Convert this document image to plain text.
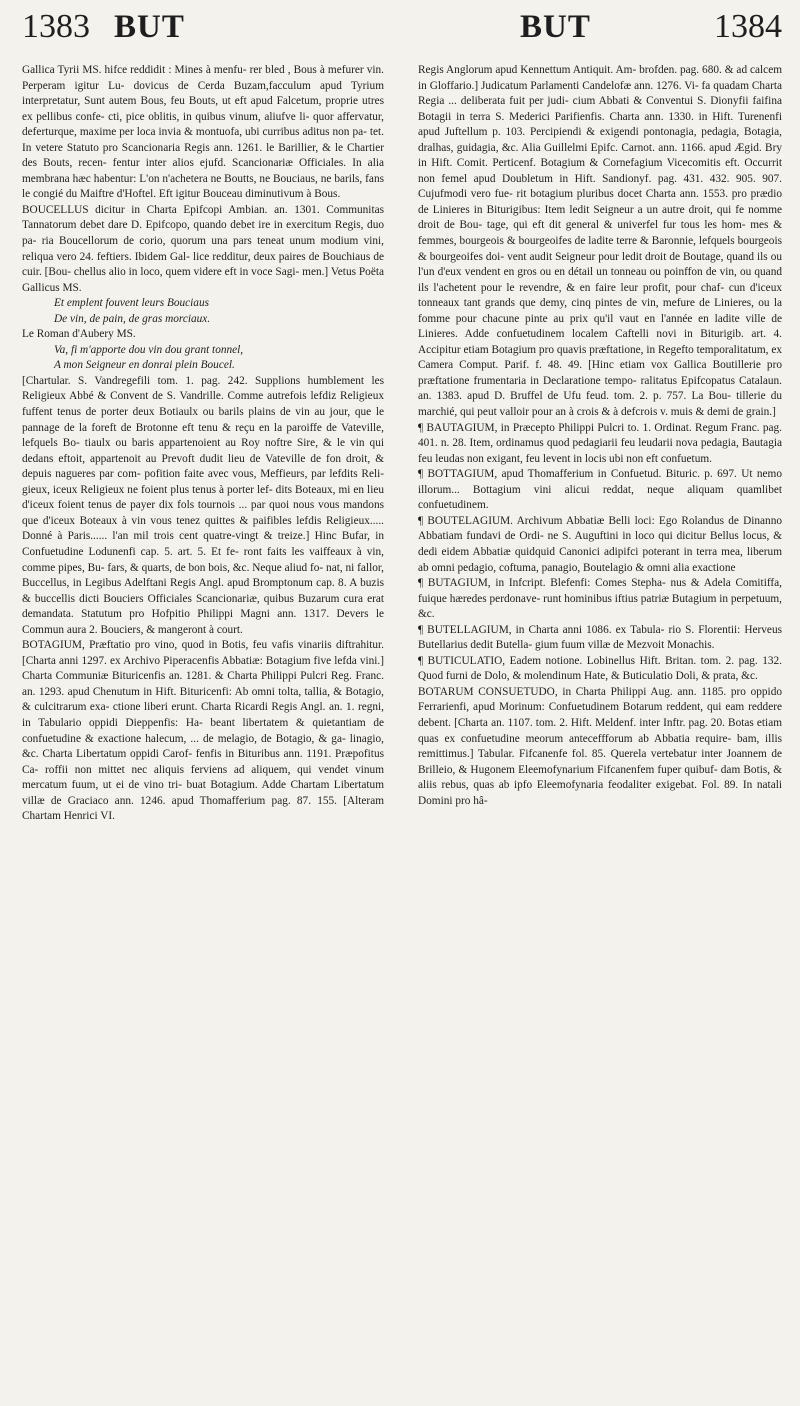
1383 BUT	BUT	1384

Gallica Tyrii MS. hifce reddidit : Mines à menfu- rer bled , Bous à mefurer vin. Perperam igitur Lu- dovicus de Cerda Buzam,facculum apud Tyrium interpretatur, Sunt autem Bous, feu Bouts, ut eft apud Falcetum, proprie utres ex pellibus confe- cti, pice oblitis, in quibus vinum, aliufve li- quor affervatur, deferturque, maxime per loca invia & montuofa, ubi curribus aditus non pa- tet. In vetere Statuto pro Scancionaria Regis ann. 1261. le Barillier, & le Chartier des Bouts, recen- fentur inter alios ejufd. Scancionariæ Officiales. In alia membrana hæc habentur: L'on n'achetera ne Boutts, ne Bouciaus, ne barils, fans le congié du Maiftre d'Hoftel. Eft igitur Bouceau diminutivum à Bous.

BOUCELLUS dicitur in Charta Epifcopi Ambian. an. 1301. Communitas Tannatorum debet dare D. Epifcopo, quando debet ire in exercitum Regis, duo pa- ria Boucellorum de corio, quorum una pars teneat unum modium vini, reliqua vero 24. feftiers. Ibidem Gal- lice redditur, deux paires de Bouchiaus de cuir. [Bou- chellus alio in loco, quem videre eft in voce Sagi- men.] Vetus Poëta Gallicus MS.

Et emplent fouvent leurs Bouciaus
De vin, de pain, de gras morciaux.

Le Roman d'Aubery MS.

Va, fi m'apporte dou vin dou grant tonnel,
A mon Seigneur en donrai plein Boucel.

[Chartular. S. Vandregefili tom. 1. pag. 242. Supplions humblement les Religieux Abbé & Convent de S. Vandrille. Comme autrefois lefdiz Religieux fuffent tenus de porter deux Botiaulx ou barils plains de vin au jour, que le pannage de la foreft de Brotonne eft tenu & reçu en la paroiffe de Vateville, lefquels Bo- tiaulx ou baris appartenoient au Roy noftre Sire, & le vin qui dedans eftoit, appartenoit au Prevoft dudit lieu de Vateville de fon droit, & depuis nagueres par com- pofition faite avec vous, Meffieurs, par lefdits Reli- gieux, iceux Religieux ne foient plus tenus à porter lef- dits Boteaux, mi en lieu d'iceux foient tenus de payer dix fols tournois ... par quoi nous vous mandons que d'iceux Boteaux à vin vous tenez quittes & paifibles lefdis Religieux..... Donné à Paris...... l'an mil trois cent quatre-vingt & treize.] Hinc Bufar, in Confuetudine Lodunenfi cap. 5. art. 5. Et fe- ront faits les vaiffeaux à vin, comme pipes, Bu- fars, & quarts, de bon bois, &c. Neque aliud fo- nat, ni fallor, Buccellus, in Legibus Adelftani Regis Angl. apud Bromptonum cap. 8. A buzis & buccellis dicti Bouciers Officiales Scancionariæ, quibus Buzarum cura erat demandata. Statutum pro Hofpitio Philippi Magni ann. 1317. Devers le Commun aura 2. Bouciers, & mangeront à court.

BOTAGIUM, Præftatio pro vino, quod in Botis, feu vafis vinariis diftrahitur. [Charta anni 1297. ex Archivo Piperacenfis Abbatiæ: Botagium five lefda vini.] Charta Communiæ Bituricenfis an. 1281. & Charta Philippi Pulcri Reg. Franc. an. 1293. apud Chenutum in Hift. Bituricenfi: Ab omni tolta, tallia, & Botagio, & culcitrarum exa- ctione liberi erunt. Charta Ricardi Regis Angl. an. 1. regni, in Tabulario oppidi Dieppenfis: Ha- beant libertatem & quietantiam de confuetudine & exactione halecum, ... de melagio, de Botagio, & ga- linagio, &c. Charta Libertatum oppidi Carof- fenfis in Bituribus ann. 1191. Præpofitus Ca- roffii non mittet nec aliquis ferviens ad aliquem, qui vendet vinum mercatum fuum, ut ei de vino tri- buat Botagium. Adde Chartam Libertatum villæ de Graciaco ann. 1246. apud Thomafferium pag. 87. 155. [Alteram Chartam Henrici VI.

Regis Anglorum apud Kennettum Antiquit. Am- brofden. pag. 680. & ad calcem in Gloffario.] Judicatum Parlamenti Candelofæ ann. 1276. Vi- fa quadam Charta Regia ... deliberata fuit per judi- cium Abbati & Conventui S. Dionyfii faifina Botagii in terra S. Mederici Parifienfis. Charta ann. 1330. in Hift. Turenenfi apud Juftellum p. 103. Percipiendi & exigendi pontonagia, pedagia, Botagia, dralhas, guidagia, &c. Alia Guillelmi Epifc. Carnot. ann. 1166. apud Ægid. Bry in Hift. Comit. Perticenf. Botagium & Cornefagium Vicecomitis eft. Occurrit non femel apud Doubletum in Hift. Sandionyf. pag. 431. 432. 905. 907. Cujufmodi vero fue- rit botagium pluribus docet Charta ann. 1553. pro prædio de Linieres in Biturigibus: Item ledit Seigneur a un autre droit, qui fe nomme droit de Bou- tage, qui eft dit general & univerfel fur tous les hom- mes & femmes, bourgeois & bourgeoifes de ladite terre & Baronnie, lefquels bourgeois & bourgeoifes doi- vent audit Seigneur pour ledit droit de Boutage, quand ils ou l'un d'eux vendent en gros ou en détail un tonneau ou poinffon de vin, ou quand ils l'achetent pour le revendre, & en faire leur profit, pour chaf- cun d'iceux tonneaux tant grands que demy, cinq pintes de vin, mefure de Linieres, ou la fomme pour chacune pinte au prix qu'il vaut en l'année en ladite ville de Linieres. Adde confuetudinem localem Caftelli novi in Biturigib. art. 4. Accipitur etiam Botagium pro quavis præftatione, in Regefto temporalitatum, ex Camera Comput. Parif. f. 48. 49. [Hinc etiam vox Gallica Boutillerie pro præftatione frumentaria in Declaratione tempo- ralitatus Epifcopatus Catalaun. an. 1383. apud D. Bruffel de Ufu feud. tom. 2. p. 757. La Bou- tillerie du marchié, qui peut valloir pour an à crois & à defcrois v. muis & demi de grain.]

¶ BAUTAGIUM, in Præcepto Philippi Pulcri to. 1. Ordinat. Regum Franc. pag. 401. n. 28. Item, ordinamus quod pedagiarii feu leudarii nova pedagia, Bautagia feu leudas non exigant, feu levent in locis ubi non eft confuetum.

¶ BOTTAGIUM, apud Thomafferium in Confuetud. Bituric. p. 697. Ut nemo illorum... Bottagium vini alicui reddat, neque aliquam quamlibet confuetudinem.

¶ BOUTELAGIUM. Archivum Abbatiæ Belli loci: Ego Rolandus de Dinanno Abbatiam fundavi de Ordi- ne S. Auguftini in loco qui dicitur Bellus locus, & dedi eidem Abbatiæ quidquid Canonici adipifci poterant in terra mea, liberum ab omni pedagio, coftuma, panagio, Boutelagio & omni alia exactione

¶ BUTAGIUM, in Infcript. Blefenfi: Comes Stepha- nus & Adela Comitiffa, fuique hæredes perdonave- runt hominibus iftius patriæ Butagium in perpetuum, &c.

¶ BUTELLAGIUM, in Charta anni 1086. ex Tabula- rio S. Florentii: Herveus Butellarius dedit Butella- gium fuum villæ de Mezvoit Monachis.

¶ BUTICULATIO, Eadem notione. Lobinellus Hift. Britan. tom. 2. pag. 132. Quod furni de Dolo, & molendinum Hate, & Buticulatio Doli, & prata, &c.

BOTARUM CONSUETUDO, in Charta Philippi Aug. ann. 1185. pro oppido Ferrarienfi, apud Morinum: Confuetudinem Botarum reddent, qui eam reddere debent. [Charta an. 1107. tom. 2. Hift. Meldenf. inter Inftr. pag. 20. Botas etiam quas ex confuetudine meorum anteceffforum ab Abbatia require- bam, illis remittimus.] Tabular. Fifcanenfe fol. 85. Querela vertebatur inter Joannem de Brilleio, & Hugonem Eleemofynarium Fifcanenfem fuper quibuf- dam Botis, & aliis rebus, quas ab ipfo Eleemofynaria feodaliter exigebat. Fol. 89. In natali Domini pro hâ-
